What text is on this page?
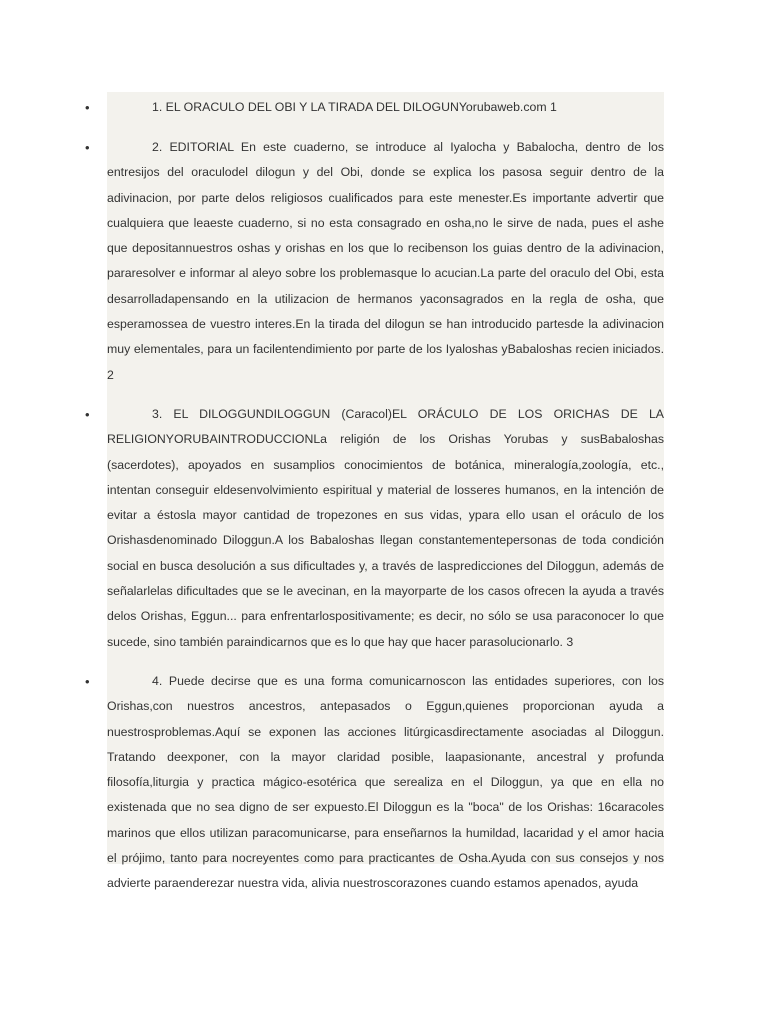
•	1. EL ORACULO DEL OBI Y LA TIRADA DEL DILOGUNYorubaweb.com 1
•	2. EDITORIAL En este cuaderno, se introduce al Iyalocha y Babalocha, dentro de los entresijos del oraculodel dilogun y del Obi, donde se explica los pasosa seguir dentro de la adivinacion, por parte delos religiosos cualificados para este menester.Es importante advertir que cualquiera que leaeste cuaderno, si no esta consagrado en osha,no le sirve de nada, pues el ashe que depositannuestros oshas y orishas en los que lo recibenson los guias dentro de la adivinacion, pararesolver e informar al aleyo sobre los problemasque lo acucian.La parte del oraculo del Obi, esta desarrolladapensando en la utilizacion de hermanos yaconsagrados en la regla de osha, que esperamossea de vuestro interes.En la tirada del dilogun se han introducido partesde la adivinacion muy elementales, para un facilentendimiento por parte de los Iyaloshas yBabaloshas recien iniciados. 2
•	3. EL DILOGGUNDILOGGUN (Caracol)EL ORÁCULO DE LOS ORICHAS DE LA RELIGIONYORUBAINTRODUCCIONLa religión de los Orishas Yorubas y susBabaloshas (sacerdotes), apoyados en susamplios conocimientos de botánica, mineralogía,zoología, etc., intentan conseguir eldesenvolvimiento espiritual y material de losseres humanos, en la intención de evitar a éstosla mayor cantidad de tropezones en sus vidas, ypara ello usan el oráculo de los Orishasdenominado Diloggun.A los Babaloshas llegan constantementepersonas de toda condición social en busca desolución a sus dificultades y, a través de laspredicciones del Diloggun, además de señalarlelas dificultades que se le avecinan, en la mayorparte de los casos ofrecen la ayuda a través delos Orishas, Eggun... para enfrentarlospositivamente; es decir, no sólo se usa paraconocer lo que sucede, sino también paraindicarnos que es lo que hay que hacer parasolucionarlo. 3
•	4. Puede decirse que es una forma comunicarnoscon las entidades superiores, con los Orishas,con nuestros ancestros, antepasados o Eggun,quienes proporcionan ayuda a nuestrosproblemas.Aquí se exponen las acciones litúrgicasdirectamente asociadas al Diloggun. Tratando deexponer, con la mayor claridad posible, laapasionante, ancestral y profunda filosofía,liturgia y practica mágico-esotérica que serealiza en el Diloggun, ya que en ella no existenada que no sea digno de ser expuesto.El Diloggun es la "boca" de los Orishas: 16caracoles marinos que ellos utilizan paracomunicarse, para enseñarnos la humildad, lacaridad y el amor hacia el prójimo, tanto para nocreyentes como para practicantes de Osha.Ayuda con sus consejos y nos advierte paraenderezar nuestra vida, alivia nuestroscorazones cuando estamos apenados, ayuda
